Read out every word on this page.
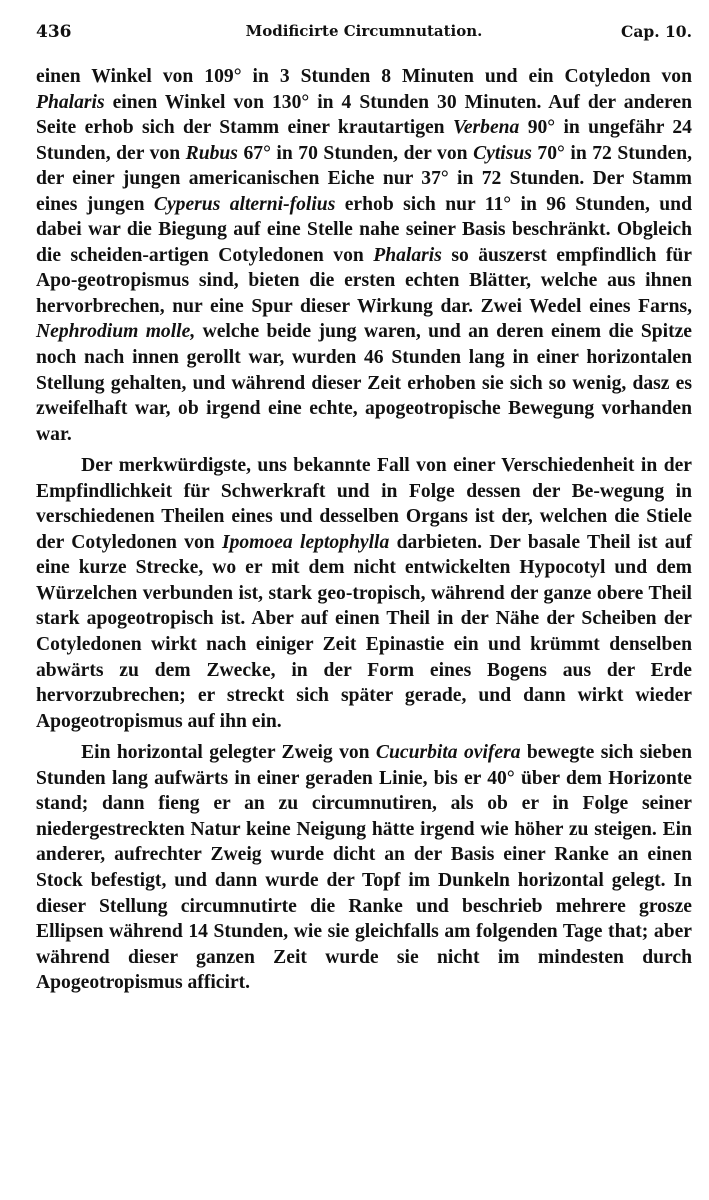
436	Modificirte Circumnutation.	Cap. 10.

einen Winkel von 109° in 3 Stunden 8 Minuten und ein Cotyledon von Phalaris einen Winkel von 130° in 4 Stunden 30 Minuten. Auf der anderen Seite erhob sich der Stamm einer krautartigen Verbena 90° in ungefähr 24 Stunden, der von Rubus 67° in 70 Stunden, der von Cytisus 70° in 72 Stunden, der einer jungen americanischen Eiche nur 37° in 72 Stunden. Der Stamm eines jungen Cyperus alterni-folius erhob sich nur 11° in 96 Stunden, und dabei war die Biegung auf eine Stelle nahe seiner Basis beschränkt. Obgleich die scheiden-artigen Cotyledonen von Phalaris so äuszerst empfindlich für Apo-geotropismus sind, bieten die ersten echten Blätter, welche aus ihnen hervorbrechen, nur eine Spur dieser Wirkung dar. Zwei Wedel eines Farns, Nephrodium molle, welche beide jung waren, und an deren einem die Spitze noch nach innen gerollt war, wurden 46 Stunden lang in einer horizontalen Stellung gehalten, und während dieser Zeit erhoben sie sich so wenig, dasz es zweifelhaft war, ob irgend eine echte, apogeotropische Bewegung vorhanden war.

Der merkwürdigste, uns bekannte Fall von einer Verschiedenheit in der Empfindlichkeit für Schwerkraft und in Folge dessen der Be-wegung in verschiedenen Theilen eines und desselben Organs ist der, welchen die Stiele der Cotyledonen von Ipomoea leptophylla darbieten. Der basale Theil ist auf eine kurze Strecke, wo er mit dem nicht entwickelten Hypocotyl und dem Würzelchen verbunden ist, stark geo-tropisch, während der ganze obere Theil stark apogeotropisch ist. Aber auf einen Theil in der Nähe der Scheiben der Cotyledonen wirkt nach einiger Zeit Epinastie ein und krümmt denselben abwärts zu dem Zwecke, in der Form eines Bogens aus der Erde hervorzubrechen; er streckt sich später gerade, und dann wirkt wieder Apogeotropismus auf ihn ein.

Ein horizontal gelegter Zweig von Cucurbita ovifera bewegte sich sieben Stunden lang aufwärts in einer geraden Linie, bis er 40° über dem Horizonte stand; dann fieng er an zu circumnutiren, als ob er in Folge seiner niedergestreckten Natur keine Neigung hätte irgend wie höher zu steigen. Ein anderer, aufrechter Zweig wurde dicht an der Basis einer Ranke an einen Stock befestigt, und dann wurde der Topf im Dunkeln horizontal gelegt. In dieser Stellung circumnutirte die Ranke und beschrieb mehrere grosze Ellipsen während 14 Stunden, wie sie gleichfalls am folgenden Tage that; aber während dieser ganzen Zeit wurde sie nicht im mindesten durch Apogeotropismus afficirt.
